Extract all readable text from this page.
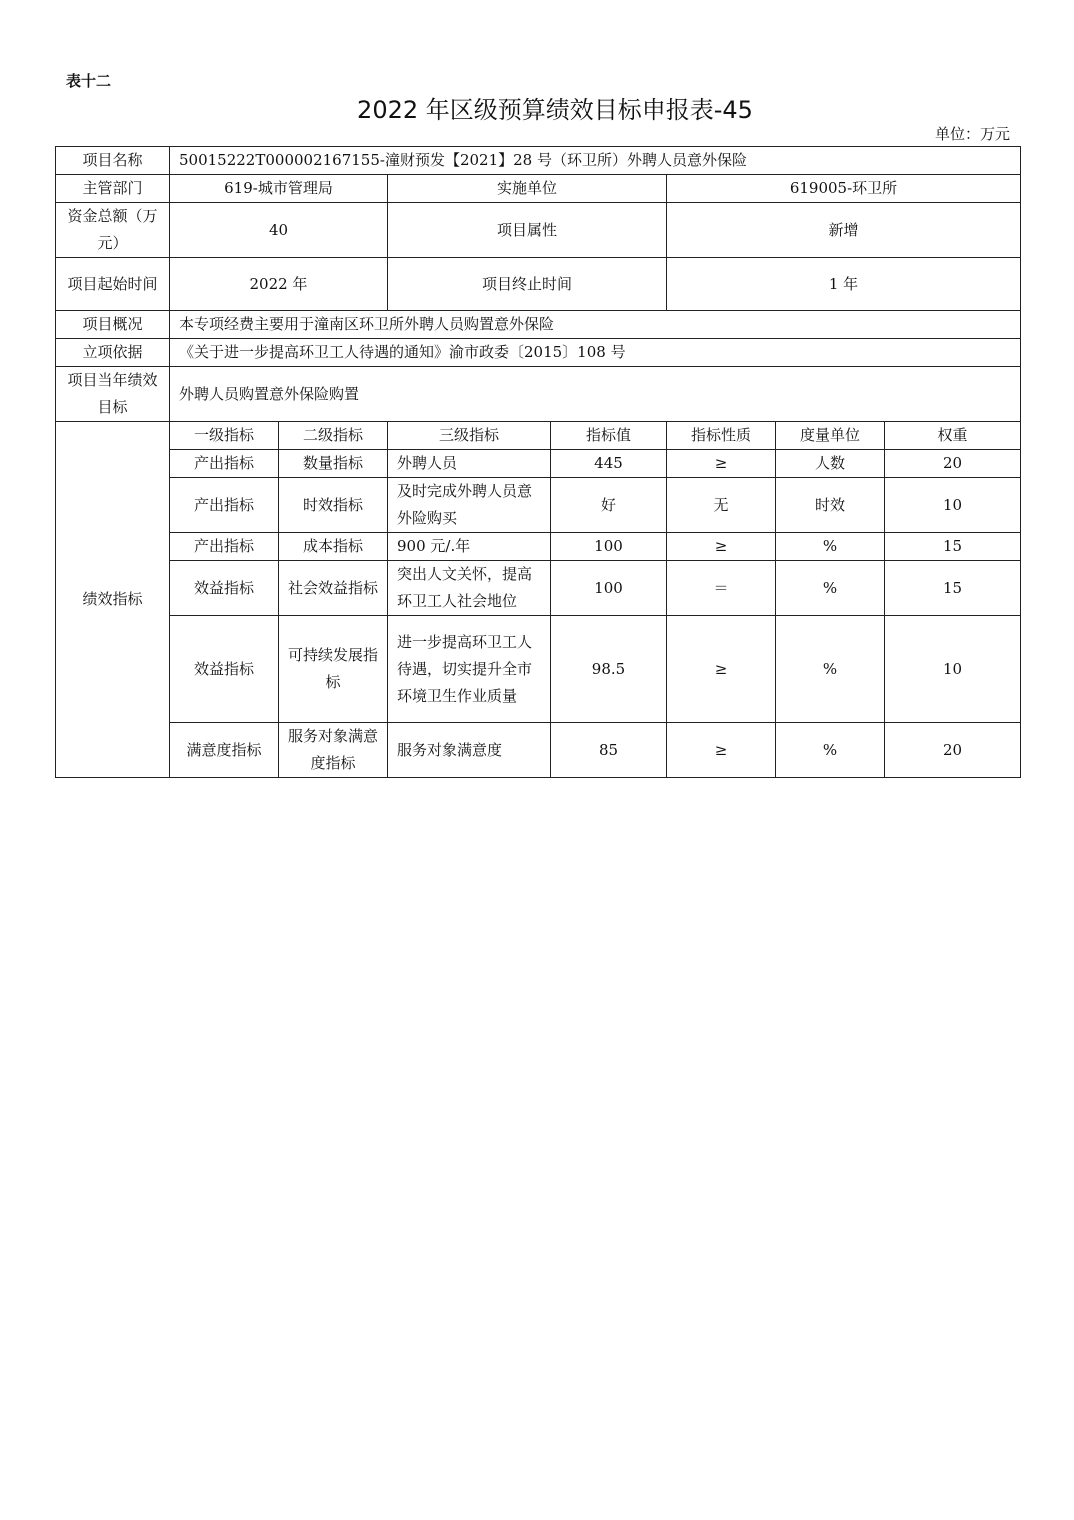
表十二
2022 年区级预算绩效目标申报表-45
单位：万元
项目名称	50015222T000002167155-潼财预发【2021】28 号（环卫所）外聘人员意外保险						
主管部门	619-城市管理局		实施单位		619005-环卫所		
资金总额（万元）	40		项目属性		新增		
项目起始时间	2022 年		项目终止时间		1 年		
项目概况	本专项经费主要用于潼南区环卫所外聘人员购置意外保险						
立项依据	《关于进一步提高环卫工人待遇的通知》渝市政委〔2015〕108 号						
项目当年绩效目标	外聘人员购置意外保险购置						
绩效指标	一级指标	二级指标	三级指标	指标值	指标性质	度量单位	权重
	产出指标	数量指标	外聘人员	445	≥	人数	20
	产出指标	时效指标	及时完成外聘人员意外险购买	好	无	时效	10
	产出指标	成本指标	900 元/.年	100	≥	%	15
	效益指标	社会效益指标	突出人文关怀，提高环卫工人社会地位	100	＝	%	15
	效益指标	可持续发展指标	进一步提高环卫工人待遇，切实提升全市环境卫生作业质量	98.5	≥	%	10
	满意度指标	服务对象满意度指标	服务对象满意度	85	≥	%	20
